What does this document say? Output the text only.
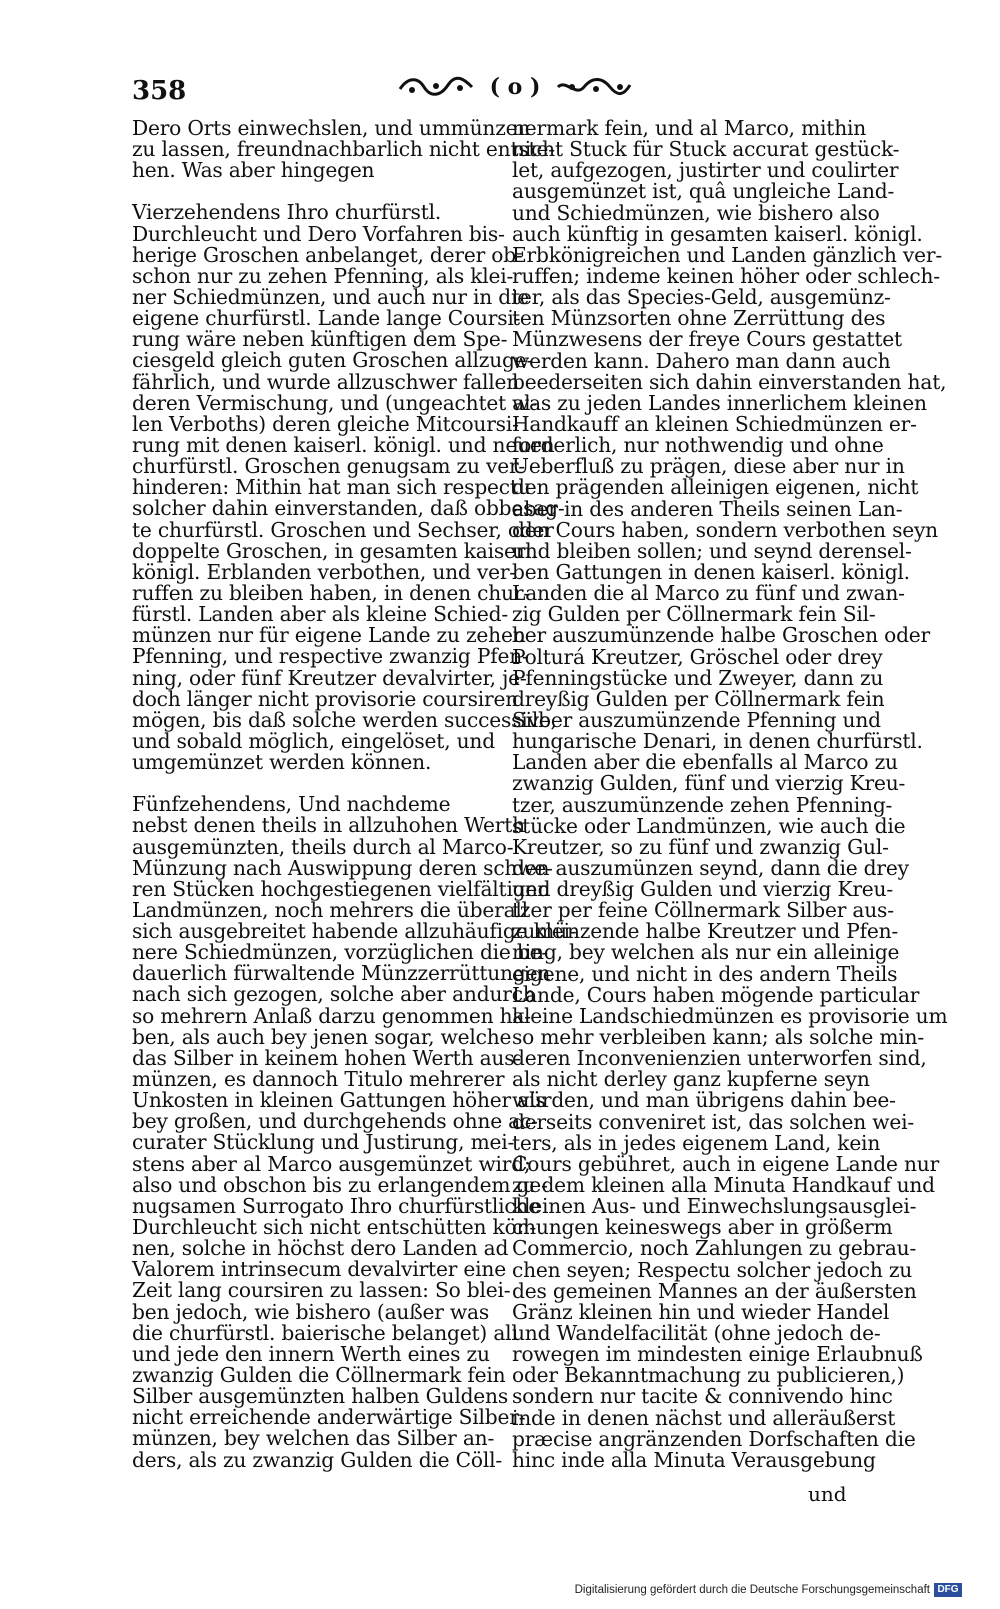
358	( o )
Dero Orts einwechslen, und ummünzen
zu lassen, freundnachbarlich nicht entste-
hen. Was aber hingegen
Vierzehendens Ihro churfürstl.
Durchleucht und Dero Vorfahren bis-
herige Groschen anbelanget, derer ob-
schon nur zu zehen Pfenning, als klei-
ner Schiedmünzen, und auch nur in die
eigene churfürstl. Lande lange Coursi-
rung wäre neben künftigen dem Spe-
ciesgeld gleich guten Groschen allzuge-
fährlich, und wurde allzuschwer fallen
deren Vermischung, und (ungeachtet al-
len Verboths) deren gleiche Mitcoursi-
rung mit denen kaiserl. königl. und neuen
churfürstl. Groschen genugsam zu ver-
hinderen: Mithin hat man sich respectu
solcher dahin einverstanden, daß obbesag-
te churfürstl. Groschen und Sechser, oder
doppelte Groschen, in gesamten kaiserl.
königl. Erblanden verbothen, und ver-
ruffen zu bleiben haben, in denen chur-
fürstl. Landen aber als kleine Schied-
münzen nur für eigene Lande zu zehen
Pfenning, und respective zwanzig Pfen-
ning, oder fünf Kreutzer devalvirter, je-
doch länger nicht provisorie coursiren
mögen, bis daß solche werden successive,
und sobald möglich, eingelöset, und
umgemünzet werden können.
Fünfzehendens, Und nachdeme
nebst denen theils in allzuhohen Werth
ausgemünzten, theils durch al Marco-
Münzung nach Auswippung deren schwe-
ren Stücken hochgestiegenen vielfältigen
Landmünzen, noch mehrers die überall
sich ausgebreitet habende allzuhäufige klei-
nere Schiedmünzen, vorzüglichen die be-
dauerlich fürwaltende Münzzerrüttungen
nach sich gezogen, solche aber andurch
so mehrern Anlaß darzu genommen ha-
ben, als auch bey jenen sogar, welche
das Silber in keinem hohen Werth aus-
münzen, es dannoch Titulo mehrerer
Unkosten in kleinen Gattungen höher als
bey großen, und durchgehends ohne ac-
curater Stücklung und Justirung, mei-
stens aber al Marco ausgemünzet wird;
also und obschon bis zu erlangendem ge-
nugsamen Surrogato Ihro churfürstliche
Durchleucht sich nicht entschütten kön-
nen, solche in höchst dero Landen ad
Valorem intrinsecum devalvirter eine
Zeit lang coursiren zu lassen: So blei-
ben jedoch, wie bishero (außer was
die churfürstl. baierische belanget) all
und jede den innern Werth eines zu
zwanzig Gulden die Cöllnermark fein
Silber ausgemünzten halben Guldens
nicht erreichende anderwärtige Silber-
münzen, bey welchen das Silber an-
ders, als zu zwanzig Gulden die Cöll-
nermark fein, und al Marco, mithin
nicht Stuck für Stuck accurat gestück-
let, aufgezogen, justirter und coulirter
ausgemünzet ist, quâ ungleiche Land-
und Schiedmünzen, wie bishero also
auch künftig in gesamten kaiserl. königl.
Erbkönigreichen und Landen gänzlich ver-
ruffen; indeme keinen höher oder schlech-
ter, als das Species-Geld, ausgemünz-
ten Münzsorten ohne Zerrüttung des
Münzwesens der freye Cours gestattet
werden kann. Dahero man dann auch
beederseiten sich dahin einverstanden hat,
was zu jeden Landes innerlichem kleinen
Handkauff an kleinen Schiedmünzen er-
forderlich, nur nothwendig und ohne
Ueberfluß zu prägen, diese aber nur in
den prägenden alleinigen eigenen, nicht
aber in des anderen Theils seinen Lan-
den Cours haben, sondern verbothen seyn
und bleiben sollen; und seynd derensel-
ben Gattungen in denen kaiserl. königl.
Landen die al Marco zu fünf und zwan-
zig Gulden per Cöllnermark fein Sil-
ber auszumünzende halbe Groschen oder
Polturá Kreutzer, Gröschel oder drey
Pfenningstücke und Zweyer, dann zu
dreyßig Gulden per Cöllnermark fein
Silber auszumünzende Pfenning und
hungarische Denari, in denen churfürstl.
Landen aber die ebenfalls al Marco zu
zwanzig Gulden, fünf und vierzig Kreu-
tzer, auszumünzende zehen Pfenning-
stücke oder Landmünzen, wie auch die
Kreutzer, so zu fünf und zwanzig Gul-
den auszumünzen seynd, dann die drey
und dreyßig Gulden und vierzig Kreu-
tzer per feine Cöllnermark Silber aus-
zumünzende halbe Kreutzer und Pfen-
ning, bey welchen als nur ein alleinige
eigene, und nicht in des andern Theils
Lande, Cours haben mögende particular
kleine Landschiedmünzen es provisorie um
so mehr verbleiben kann; als solche min-
deren Inconvenienzien unterworfen sind,
als nicht derley ganz kupferne seyn
würden, und man übrigens dahin bee-
derseits conveniret ist, das solchen wei-
ters, als in jedes eigenem Land, kein
Cours gebühret, auch in eigene Lande nur
zu dem kleinen alla Minuta Handkauf und
kleinen Aus- und Einwechslungsausglei-
chungen keineswegs aber in größerm
Commercio, noch Zahlungen zu gebrau-
chen seyen; Respectu solcher jedoch zu
des gemeinen Mannes an der äußersten
Gränz kleinen hin und wieder Handel
und Wandelfacilität (ohne jedoch de-
rowegen im mindesten einige Erlaubnuß
oder Bekanntmachung zu publicieren,)
sondern nur tacite & connivendo hinc
inde in denen nächst und alleräußerst
præcise angränzenden Dorfschaften die
hinc inde alla Minuta Verausgebung
und
Digitalisierung gefördert durch die Deutsche Forschungsgemeinschaft DFG
